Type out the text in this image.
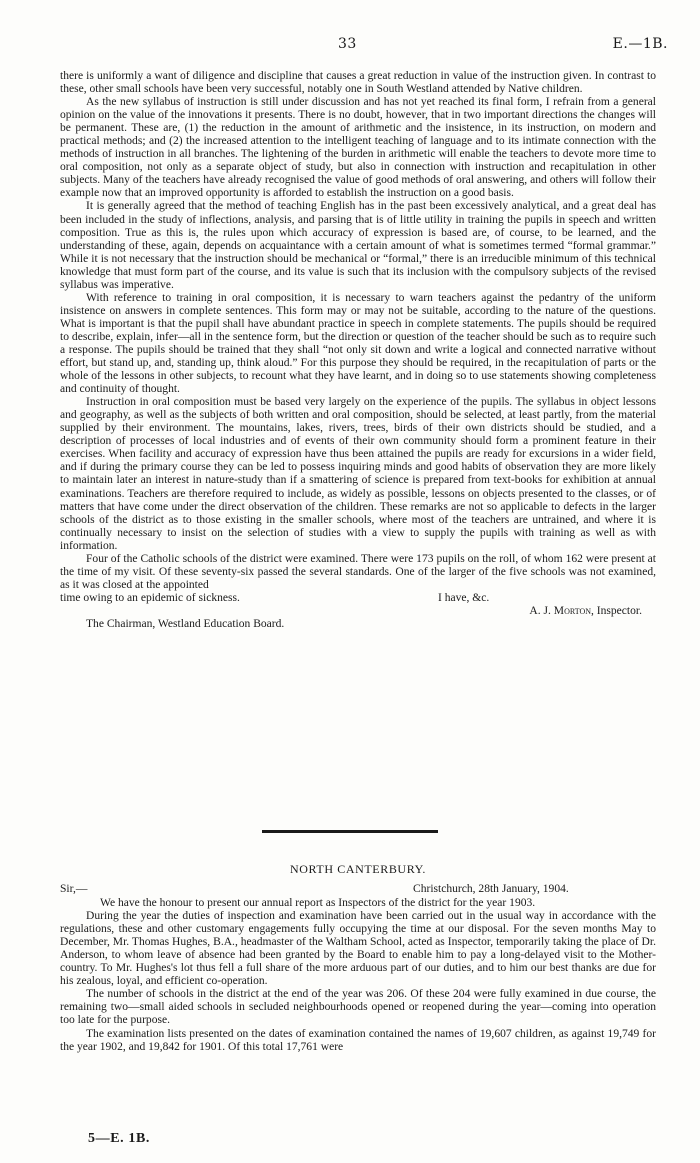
33	E.—1B.

there is uniformly a want of diligence and discipline that causes a great reduction in value of the instruction given. In contrast to these, other small schools have been very successful, notably one in South Westland attended by Native children.

As the new syllabus of instruction is still under discussion and has not yet reached its final form, I refrain from a general opinion on the value of the innovations it presents. There is no doubt, however, that in two important directions the changes will be permanent. These are, (1) the reduction in the amount of arithmetic and the insistence, in its instruction, on modern and practical methods; and (2) the increased attention to the intelligent teaching of language and to its intimate connection with the methods of instruction in all branches. The lightening of the burden in arithmetic will enable the teachers to devote more time to oral composition, not only as a separate object of study, but also in connection with instruction and recapitulation in other subjects. Many of the teachers have already recognised the value of good methods of oral answering, and others will follow their example now that an improved opportunity is afforded to establish the instruction on a good basis.

It is generally agreed that the method of teaching English has in the past been excessively analytical, and a great deal has been included in the study of inflections, analysis, and parsing that is of little utility in training the pupils in speech and written composition. True as this is, the rules upon which accuracy of expression is based are, of course, to be learned, and the understanding of these, again, depends on acquaintance with a certain amount of what is sometimes termed “formal grammar.” While it is not necessary that the instruction should be mechanical or “formal,” there is an irreducible minimum of this technical knowledge that must form part of the course, and its value is such that its inclusion with the compulsory subjects of the revised syllabus was imperative.

With reference to training in oral composition, it is necessary to warn teachers against the pedantry of the uniform insistence on answers in complete sentences. This form may or may not be suitable, according to the nature of the questions. What is important is that the pupil shall have abundant practice in speech in complete statements. The pupils should be required to describe, explain, infer—all in the sentence form, but the direction or question of the teacher should be such as to require such a response. The pupils should be trained that they shall “not only sit down and write a logical and connected narrative without effort, but stand up, and, standing up, think aloud.” For this purpose they should be required, in the recapitulation of parts or the whole of the lessons in other subjects, to recount what they have learnt, and in doing so to use statements showing completeness and continuity of thought.

Instruction in oral composition must be based very largely on the experience of the pupils. The syllabus in object lessons and geography, as well as the subjects of both written and oral composition, should be selected, at least partly, from the material supplied by their environment. The mountains, lakes, rivers, trees, birds of their own districts should be studied, and a description of processes of local industries and of events of their own community should form a prominent feature in their exercises. When facility and accuracy of expression have thus been attained the pupils are ready for excursions in a wider field, and if during the primary course they can be led to possess inquiring minds and good habits of observation they are more likely to maintain later an interest in nature-study than if a smattering of science is prepared from text-books for exhibition at annual examinations. Teachers are therefore required to include, as widely as possible, lessons on objects presented to the classes, or of matters that have come under the direct observation of the children. These remarks are not so applicable to defects in the larger schools of the district as to those existing in the smaller schools, where most of the teachers are untrained, and where it is continually necessary to insist on the selection of studies with a view to supply the pupils with training as well as with information.

Four of the Catholic schools of the district were examined. There were 173 pupils on the roll, of whom 162 were present at the time of my visit. Of these seventy-six passed the several standards. One of the larger of the five schools was not examined, as it was closed at the appointed

time owing to an epidemic of sickness.	I have, &c.
A. J. Morton, Inspector.

The Chairman, Westland Education Board.

NORTH CANTERBURY.
Sir,—	Christchurch, 28th January, 1904.

We have the honour to present our annual report as Inspectors of the district for the year 1903.

During the year the duties of inspection and examination have been carried out in the usual way in accordance with the regulations, these and other customary engagements fully occupying the time at our disposal. For the seven months May to December, Mr. Thomas Hughes, B.A., headmaster of the Waltham School, acted as Inspector, temporarily taking the place of Dr. Anderson, to whom leave of absence had been granted by the Board to enable him to pay a long-delayed visit to the Mother-country. To Mr. Hughes's lot thus fell a full share of the more arduous part of our duties, and to him our best thanks are due for his zealous, loyal, and efficient co-operation.

The number of schools in the district at the end of the year was 206. Of these 204 were fully examined in due course, the remaining two—small aided schools in secluded neighbourhoods opened or reopened during the year—coming into operation too late for the purpose.

The examination lists presented on the dates of examination contained the names of 19,607 children, as against 19,749 for the year 1902, and 19,842 for 1901. Of this total 17,761 were

5—E. 1B.
